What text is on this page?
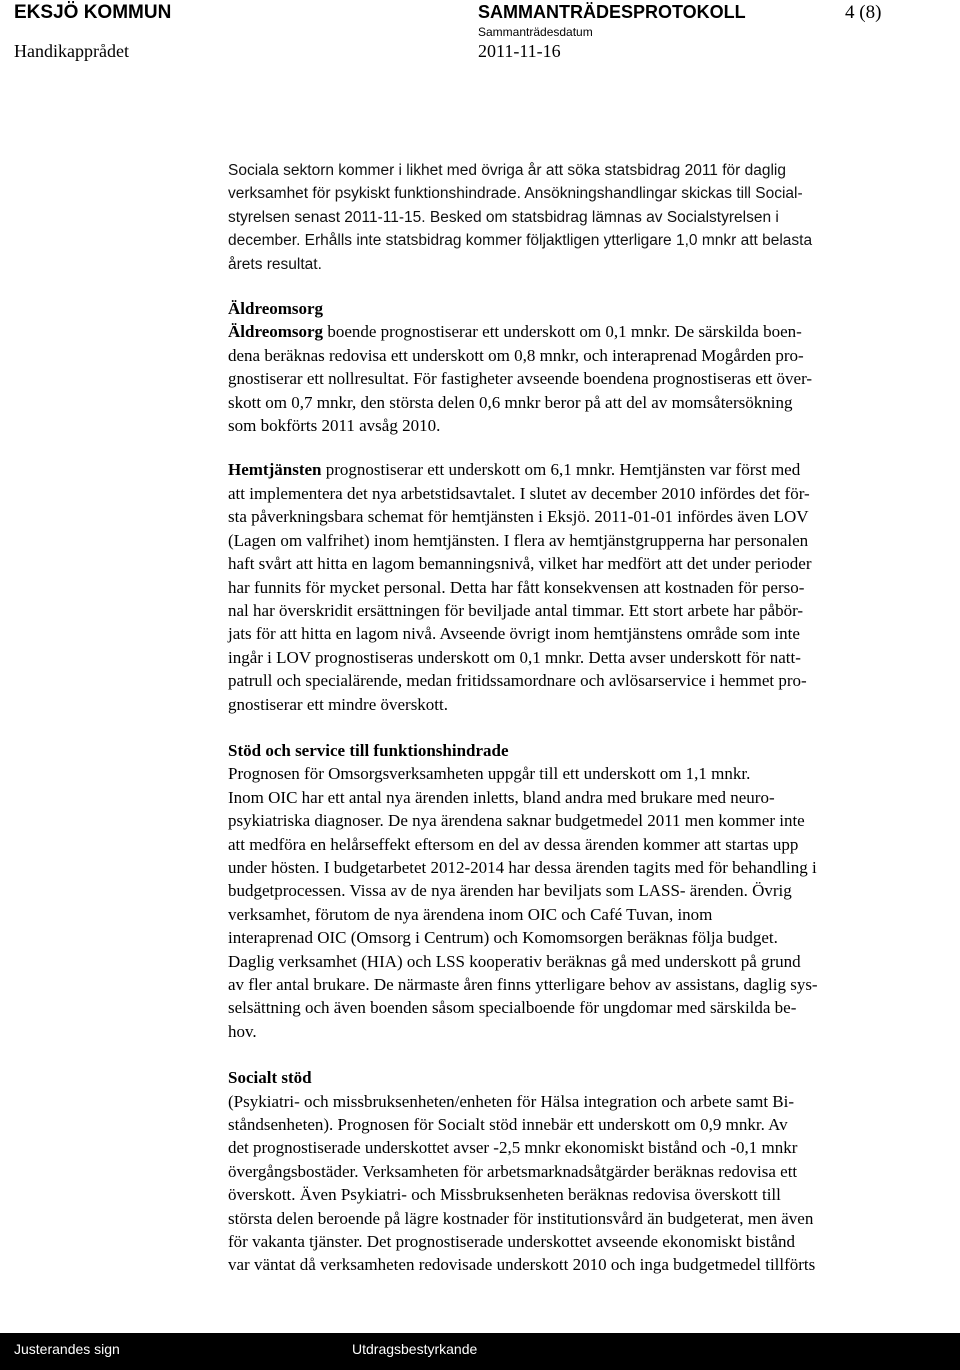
EKSJÖ KOMMUN	SAMMANTRÄDESPROTOKOLL	4 (8)
Handikapprådet
Sammanträdesdatum
2011-11-16

Sociala sektorn kommer i likhet med övriga år att söka statsbidrag 2011 för daglig
verksamhet för psykiskt funktionshindrade. Ansökningshandlingar skickas till Social-
styrelsen senast 2011-11-15. Besked om statsbidrag lämnas av Socialstyrelsen i
december. Erhålls inte statsbidrag kommer följaktligen ytterligare 1,0 mnkr att belasta
årets resultat.

Äldreomsorg

Äldreomsorg boende prognostiserar ett underskott om 0,1 mnkr. De särskilda boen-
dena beräknas redovisa ett underskott om 0,8 mnkr, och interaprenad Mogården pro-
gnostiserar ett nollresultat. För fastigheter avseende boendena prognostiseras ett över-
skott om 0,7 mnkr, den största delen 0,6 mnkr beror på att del av momsåtersökning
som bokförts 2011 avsåg 2010.

Hemtjänsten prognostiserar ett underskott om 6,1 mnkr. Hemtjänsten var först med
att implementera det nya arbetstidsavtalet. I slutet av december 2010 infördes det för-
sta påverkningsbara schemat för hemtjänsten i Eksjö. 2011-01-01 infördes även LOV
(Lagen om valfrihet) inom hemtjänsten. I flera av hemtjänstgrupperna har personalen
haft svårt att hitta en lagom bemanningsnivå, vilket har medfört att det under perioder
har funnits för mycket personal. Detta har fått konsekvensen att kostnaden för perso-
nal har överskridit ersättningen för beviljade antal timmar. Ett stort arbete har påbör-
jats för att hitta en lagom nivå. Avseende övrigt inom hemtjänstens område som inte
ingår i LOV prognostiseras underskott om 0,1 mnkr. Detta avser underskott för natt-
patrull och specialärende, medan fritidssamordnare och avlösarservice i hemmet pro-
gnostiserar ett mindre överskott.

Stöd och service till funktionshindrade

Prognosen för Omsorgsverksamheten uppgår till ett underskott om 1,1 mnkr.
Inom OIC har ett antal nya ärenden inletts, bland andra med brukare med neuro-
psykiatriska diagnoser. De nya ärendena saknar budgetmedel 2011 men kommer inte
att medföra en helårseffekt eftersom en del av dessa ärenden kommer att startas upp
under hösten. I budgetarbetet 2012-2014 har dessa ärenden tagits med för behandling i
budgetprocessen. Vissa av de nya ärenden har beviljats som LASS- ärenden. Övrig
verksamhet, förutom de nya ärendena inom OIC och Café Tuvan, inom
interaprenad OIC (Omsorg i Centrum) och Komomsorgen beräknas följa budget.
Daglig verksamhet (HIA) och LSS kooperativ beräknas gå med underskott på grund
av fler antal brukare. De närmaste åren finns ytterligare behov av assistans, daglig sys-
selsättning och även boenden såsom specialboende för ungdomar med särskilda be-
hov.

Socialt stöd

(Psykiatri- och missbruksenheten/enheten för Hälsa integration och arbete samt Bi-
ståndsenheten). Prognosen för Socialt stöd innebär ett underskott om 0,9 mnkr. Av
det prognostiserade underskottet avser -2,5 mnkr ekonomiskt bistånd och -0,1 mnkr
övergångsbostäder. Verksamheten för arbetsmarknadsåtgärder beräknas redovisa ett
överskott. Även Psykiatri- och Missbruksenheten beräknas redovisa överskott till
största delen beroende på lägre kostnader för institutionsvård än budgeterat, men även
för vakanta tjänster. Det prognostiserade underskottet avseende ekonomiskt bistånd
var väntat då verksamheten redovisade underskott 2010 och inga budgetmedel tillförts

Justerandes sign	Utdragsbestyrkande
